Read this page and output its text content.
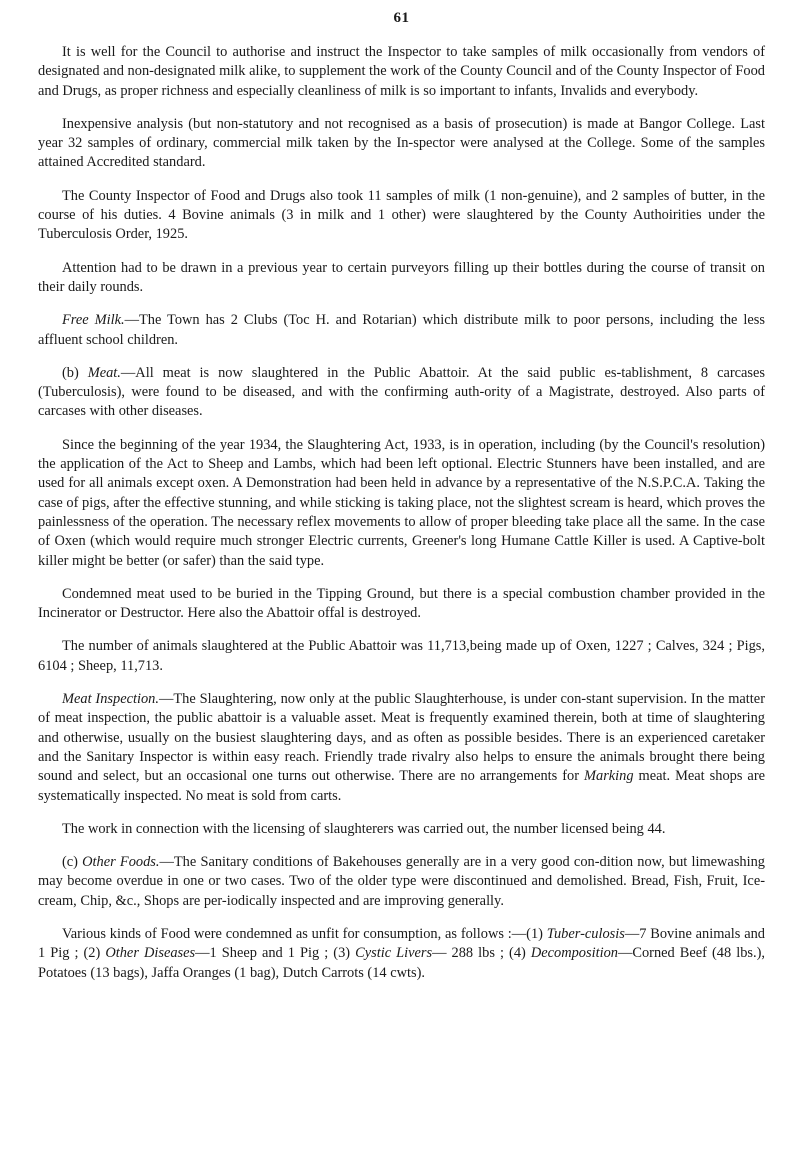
61

It is well for the Council to authorise and instruct the Inspector to take samples of milk occasionally from vendors of designated and non-designated milk alike, to supplement the work of the County Council and of the County Inspector of Food and Drugs, as proper richness and especially cleanliness of milk is so important to infants, Invalids and everybody.

Inexpensive analysis (but non-statutory and not recognised as a basis of prosecution) is made at Bangor College. Last year 32 samples of ordinary, commercial milk taken by the In-spector were analysed at the College. Some of the samples attained Accredited standard.

The County Inspector of Food and Drugs also took 11 samples of milk (1 non-genuine), and 2 samples of butter, in the course of his duties. 4 Bovine animals (3 in milk and 1 other) were slaughtered by the County Authoirities under the Tuberculosis Order, 1925.

Attention had to be drawn in a previous year to certain purveyors filling up their bottles during the course of transit on their daily rounds.

Free Milk.—The Town has 2 Clubs (Toc H. and Rotarian) which distribute milk to poor persons, including the less affluent school children.

(b) Meat.—All meat is now slaughtered in the Public Abattoir. At the said public es-tablishment, 8 carcases (Tuberculosis), were found to be diseased, and with the confirming auth-ority of a Magistrate, destroyed. Also parts of carcases with other diseases.

Since the beginning of the year 1934, the Slaughtering Act, 1933, is in operation, including (by the Council's resolution) the application of the Act to Sheep and Lambs, which had been left optional. Electric Stunners have been installed, and are used for all animals except oxen. A Demonstration had been held in advance by a representative of the N.S.P.C.A. Taking the case of pigs, after the effective stunning, and while sticking is taking place, not the slightest scream is heard, which proves the painlessness of the operation. The necessary reflex movements to allow of proper bleeding take place all the same. In the case of Oxen (which would require much stronger Electric currents, Greener's long Humane Cattle Killer is used. A Captive-bolt killer might be better (or safer) than the said type.

Condemned meat used to be buried in the Tipping Ground, but there is a special combustion chamber provided in the Incinerator or Destructor. Here also the Abattoir offal is destroyed.

The number of animals slaughtered at the Public Abattoir was 11,713,being made up of Oxen, 1227 ; Calves, 324 ; Pigs, 6104 ; Sheep, 11,713.

Meat Inspection.—The Slaughtering, now only at the public Slaughterhouse, is under con-stant supervision. In the matter of meat inspection, the public abattoir is a valuable asset. Meat is frequently examined therein, both at time of slaughtering and otherwise, usually on the busiest slaughtering days, and as often as possible besides. There is an experienced caretaker and the Sanitary Inspector is within easy reach. Friendly trade rivalry also helps to ensure the animals brought there being sound and select, but an occasional one turns out otherwise. There are no arrangements for Marking meat. Meat shops are systematically inspected. No meat is sold from carts.

The work in connection with the licensing of slaughterers was carried out, the number licensed being 44.

(c) Other Foods.—The Sanitary conditions of Bakehouses generally are in a very good con-dition now, but limewashing may become overdue in one or two cases. Two of the older type were discontinued and demolished. Bread, Fish, Fruit, Ice-cream, Chip, &c., Shops are per-iodically inspected and are improving generally.

Various kinds of Food were condemned as unfit for consumption, as follows :—(1) Tuber-culosis—7 Bovine animals and 1 Pig ; (2) Other Diseases—1 Sheep and 1 Pig ; (3) Cystic Livers— 288 lbs ; (4) Decomposition—Corned Beef (48 lbs.), Potatoes (13 bags), Jaffa Oranges (1 bag), Dutch Carrots (14 cwts).
